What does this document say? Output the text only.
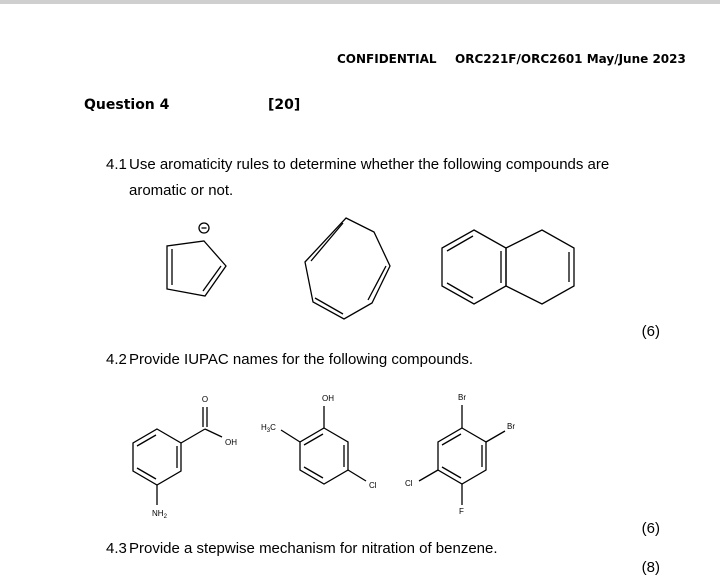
CONFIDENTIAL ORC221F/ORC2601 May/June 2023
Question 4	[20]
4.1 Use aromaticity rules to determine whether the following compounds are
aromatic or not.
(6)
4.2 Provide IUPAC names for the following compounds.
(6)
4.3 Provide a stepwise mechanism for nitration of benzene.
(8)
O
OH
$NH_2$
OH
$H_3C$
Cl
Br
Br
Cl
F
